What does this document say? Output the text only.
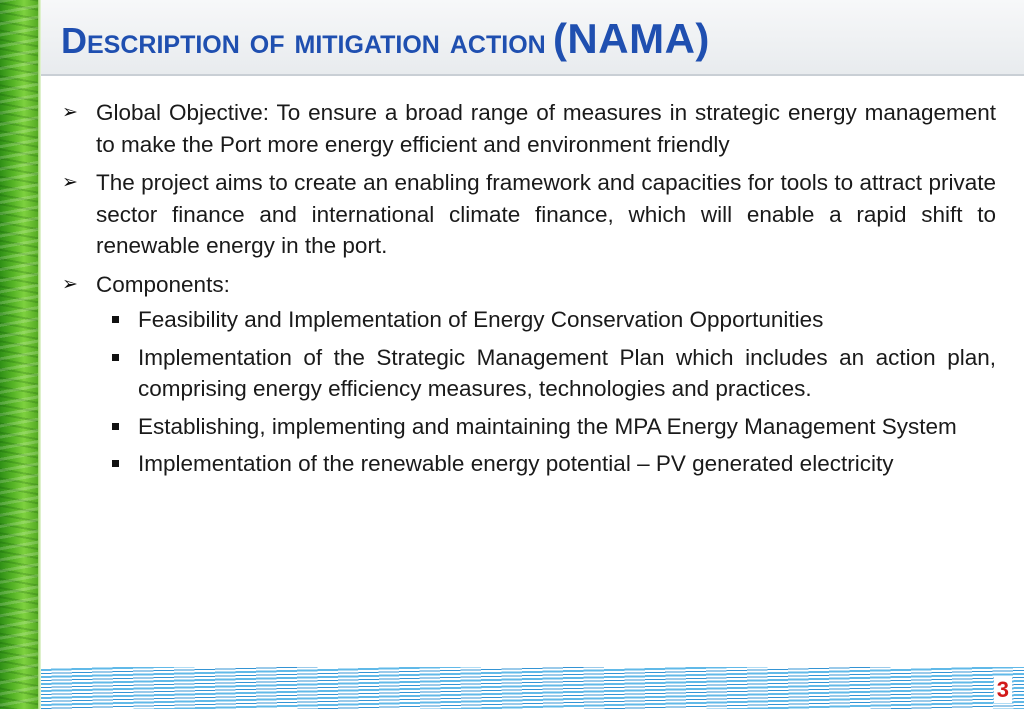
Description of mitigation action (NAMA)
➢ Global Objective: To ensure a broad range of measures in strategic energy management to make the Port more energy efficient and environment friendly
➢ The project aims to create an enabling framework and capacities for tools to attract private sector finance and international climate finance, which will enable a rapid shift to renewable energy in the port.
➢ Components:
Feasibility and Implementation of Energy Conservation Opportunities
Implementation of the Strategic Management Plan which includes an action plan, comprising energy efficiency measures, technologies and practices.
Establishing, implementing and maintaining the MPA Energy Management System
Implementation of the renewable energy potential – PV generated electricity
3
